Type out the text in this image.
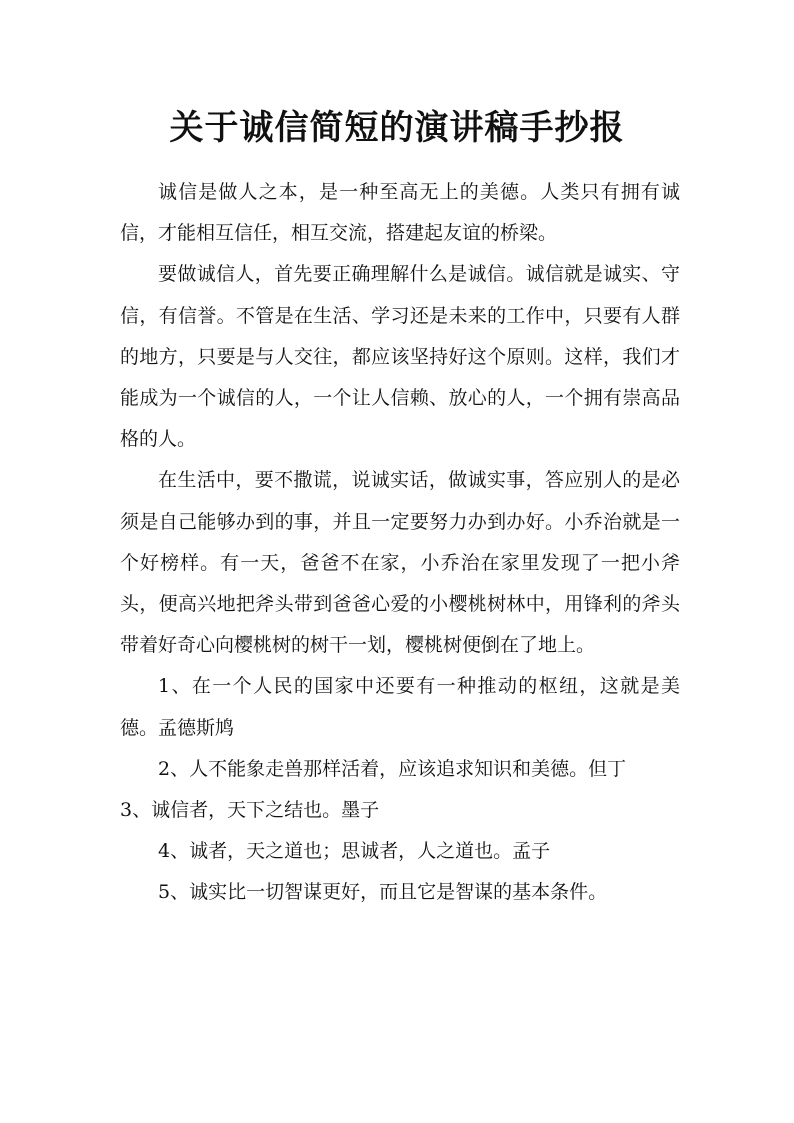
关于诚信简短的演讲稿手抄报

诚信是做人之本，是一种至高无上的美德。人类只有拥有诚信，才能相互信任，相互交流，搭建起友谊的桥梁。

要做诚信人，首先要正确理解什么是诚信。诚信就是诚实、守信，有信誉。不管是在生活、学习还是未来的工作中，只要有人群的地方，只要是与人交往，都应该坚持好这个原则。这样，我们才能成为一个诚信的人，一个让人信赖、放心的人，一个拥有崇高品格的人。

在生活中，要不撒谎，说诚实话，做诚实事，答应别人的是必须是自己能够办到的事，并且一定要努力办到办好。小乔治就是一个好榜样。有一天，爸爸不在家，小乔治在家里发现了一把小斧头，便高兴地把斧头带到爸爸心爱的小樱桃树林中，用锋利的斧头带着好奇心向樱桃树的树干一划，樱桃树便倒在了地上。

1、在一个人民的国家中还要有一种推动的枢纽，这就是美德。孟德斯鸠

2、人不能象走兽那样活着，应该追求知识和美德。但丁

3、诚信者，天下之结也。墨子

4、诚者，天之道也；思诚者，人之道也。孟子

5、诚实比一切智谋更好，而且它是智谋的基本条件。
